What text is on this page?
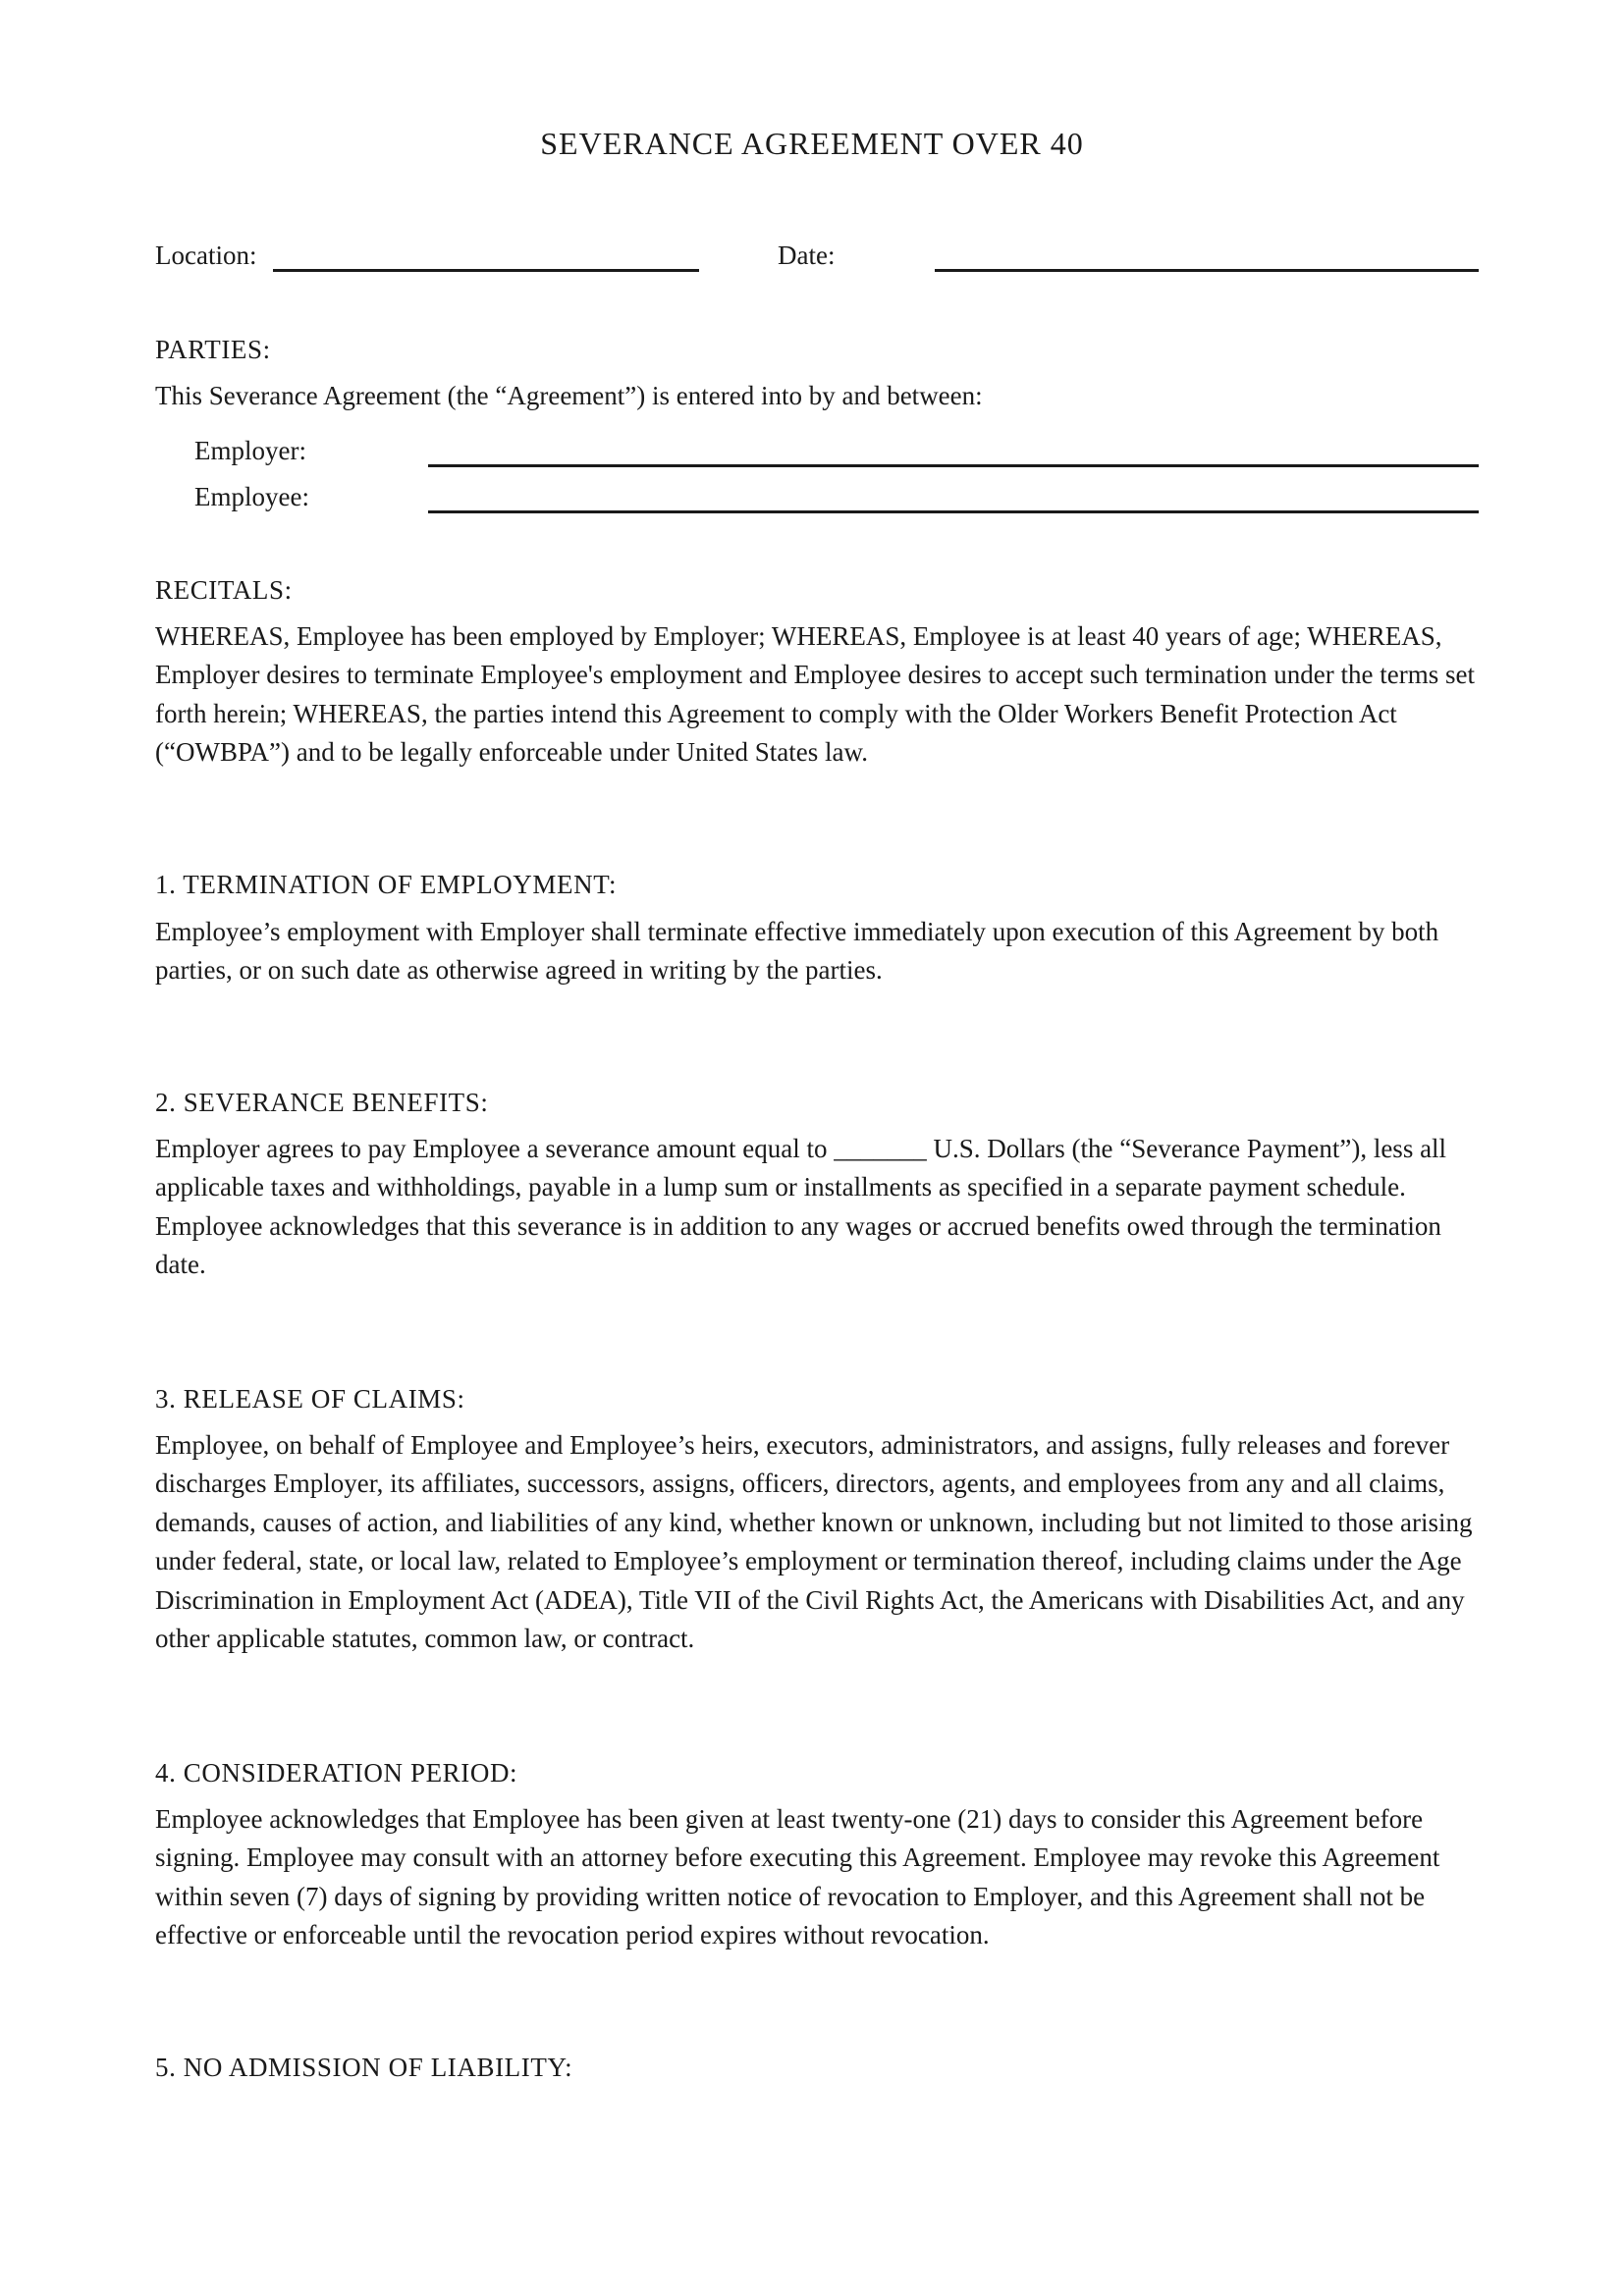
SEVERANCE AGREEMENT OVER 40
Location:	Date:
PARTIES:
This Severance Agreement (the “Agreement”) is entered into by and between:
Employer:
Employee:
RECITALS:
WHEREAS, Employee has been employed by Employer; WHEREAS, Employee is at least 40 years of age; WHEREAS, Employer desires to terminate Employee's employment and Employee desires to accept such termination under the terms set forth herein; WHEREAS, the parties intend this Agreement to comply with the Older Workers Benefit Protection Act (“OWBPA”) and to be legally enforceable under United States law.
1. TERMINATION OF EMPLOYMENT:
Employee’s employment with Employer shall terminate effective immediately upon execution of this Agreement by both parties, or on such date as otherwise agreed in writing by the parties.
2. SEVERANCE BENEFITS:
Employer agrees to pay Employee a severance amount equal to _______ U.S. Dollars (the “Severance Payment”), less all applicable taxes and withholdings, payable in a lump sum or installments as specified in a separate payment schedule. Employee acknowledges that this severance is in addition to any wages or accrued benefits owed through the termination date.
3. RELEASE OF CLAIMS:
Employee, on behalf of Employee and Employee’s heirs, executors, administrators, and assigns, fully releases and forever discharges Employer, its affiliates, successors, assigns, officers, directors, agents, and employees from any and all claims, demands, causes of action, and liabilities of any kind, whether known or unknown, including but not limited to those arising under federal, state, or local law, related to Employee’s employment or termination thereof, including claims under the Age Discrimination in Employment Act (ADEA), Title VII of the Civil Rights Act, the Americans with Disabilities Act, and any other applicable statutes, common law, or contract.
4. CONSIDERATION PERIOD:
Employee acknowledges that Employee has been given at least twenty-one (21) days to consider this Agreement before signing. Employee may consult with an attorney before executing this Agreement. Employee may revoke this Agreement within seven (7) days of signing by providing written notice of revocation to Employer, and this Agreement shall not be effective or enforceable until the revocation period expires without revocation.
5. NO ADMISSION OF LIABILITY:
